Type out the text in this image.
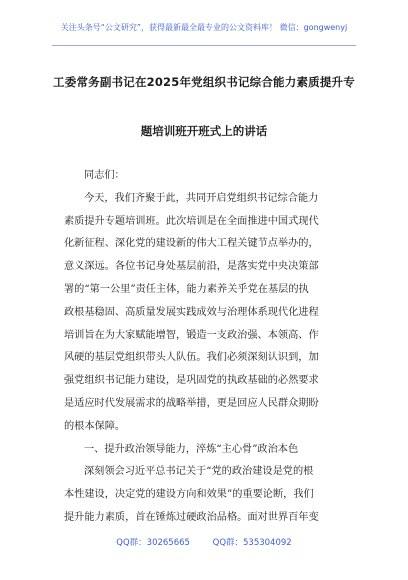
关注头条号“公文研究”，获得最新最全最专业的公文资料库！ 微信：gongwenyj
工委常务副书记在2025年党组织书记综合能力素质提升专
题培训班开班式上的讲话

同志们：

今天，我们齐聚于此，共同开启党组织书记综合能力

素质提升专题培训班。此次培训是在全面推进中国式现代

化新征程、深化党的建设新的伟大工程关键节点举办的，

意义深远。各位书记身处基层前沿，是落实党中央决策部

署的“第一公里”责任主体，能力素养关乎党在基层的执

政根基稳固、高质量发展实践成效与治理体系现代化进程

培训旨在为大家赋能增智，锻造一支政治强、本领高、作

风硬的基层党组织带头人队伍。我们必须深刻认识到，加

强党组织书记能力建设，是巩固党的执政基础的必然要求

是适应时代发展需求的战略举措，更是回应人民群众期盼

的根本保障。

一、提升政治领导能力，淬炼“主心骨”政治本色

深刻领会习近平总书记关于“党的政治建设是党的根

本性建设，决定党的建设方向和效果”的重要论断，我们

提升能力素质，首在锤炼过硬政治品格。面对世界百年变

QQ群：30265665	QQ群：535304092
